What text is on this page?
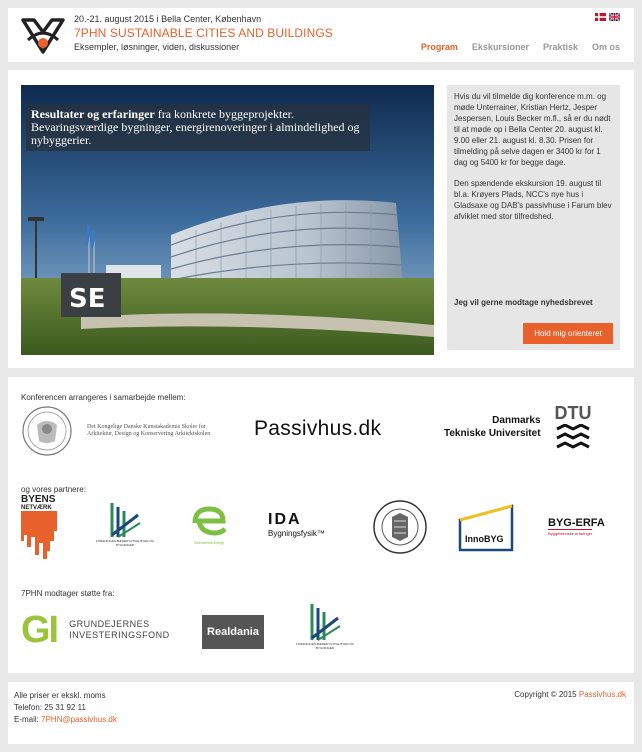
20.-21. august 2015 i Bella Center, København
7PHN SUSTAINABLE CITIES AND BUILDINGS
Eksempler, løsninger, viden, diskussioner	Program Ekskursioner Praktisk Om os
SE
Resultater og erfaringer fra konkrete byggeprojekter. Bevaringsværdige bygninger, energirenoveringer i almindelighed og nybyggerier.

Hvis du vil tilmelde dig konference m.m. og møde Unterrainer, Kristian Hertz, Jesper Jespersen, Louis Becker m.fl., så er du nødt til at møde op i Bella Center 20. august kl. 9.00 eller 21. august kl. 8.30. Prisen for tilmelding på selve dagen er 3400 kr for 1 dag og 5400 kr for begge dage.

Den spændende ekskursion 19. august til bl.a. Krøyers Plads, NCC's nye hus i Gladsaxe og DAB's passivhuse i Farum blev afviklet med stor tilfredshed.

Jeg vil gerne modtage nyhedsbrevet
Hold mig orienteret
Konferencen arrangeres i samarbejde mellem:
Det Kongelige Danske Kunstakademis Skoler for Arkitektur, Design og Konservering Arkitektskolen	Passivhus.dk	Danmarks
Tekniske Universitet
DTU
og vores partnere:
BYENS
NETVÆRK
FORENINGEN BÆREDYGTIGE BYER OG BYGNINGER	Vedvarende Energi
IDA
Bygningsfysik™
InnoBYG
BYG-ERFA
Byggetekniske erfaringer
7PHN modtager støtte fra:
GI GRUNDEJERNES
INVESTERINGSFOND	Realdania
FORENINGEN BÆREDYGTIGE BYER OG BYGNINGER
Alle priser er ekskl. moms
Telefon: 25 31 92 11
E-mail: 7PHN@passivhus.dk
Copyright © 2015 Passivhus.dk
